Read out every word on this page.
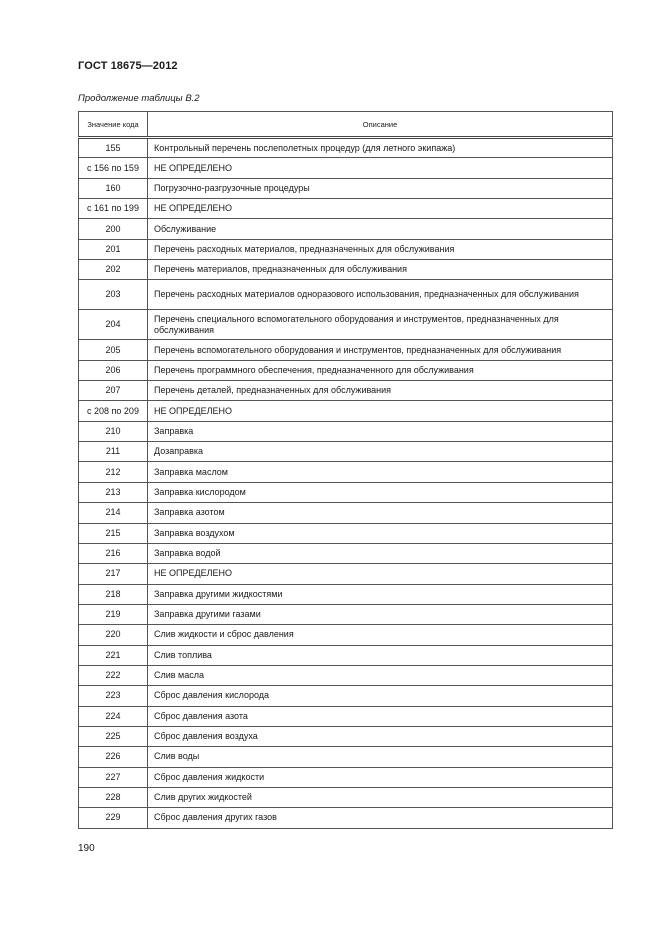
ГОСТ 18675—2012
Продолжение таблицы В.2
Значение кода	Описание
155	Контрольный перечень послеполетных процедур (для летного экипажа)
с 156 по 159	НЕ ОПРЕДЕЛЕНО
160	Погрузочно-разгрузочные процедуры
с 161 по 199	НЕ ОПРЕДЕЛЕНО
200	Обслуживание
201	Перечень расходных материалов, предназначенных для обслуживания
202	Перечень материалов, предназначенных для обслуживания
203	Перечень расходных материалов одноразового использования, предназначенных для обслуживания
204	Перечень специального вспомогательного оборудования и инструментов, предназначенных для обслуживания
205	Перечень вспомогательного оборудования и инструментов, предназначенных для обслуживания
206	Перечень программного обеспечения, предназначенного для обслуживания
207	Перечень деталей, предназначенных для обслуживания
с 208 по 209	НЕ ОПРЕДЕЛЕНО
210	Заправка
211	Дозаправка
212	Заправка маслом
213	Заправка кислородом
214	Заправка азотом
215	Заправка воздухом
216	Заправка водой
217	НЕ ОПРЕДЕЛЕНО
218	Заправка другими жидкостями
219	Заправка другими газами
220	Слив жидкости и сброс давления
221	Слив топлива
222	Слив масла
223	Сброс давления кислорода
224	Сброс давления азота
225	Сброс давления воздуха
226	Слив воды
227	Сброс давления жидкости
228	Слив других жидкостей
229	Сброс давления других газов
190
